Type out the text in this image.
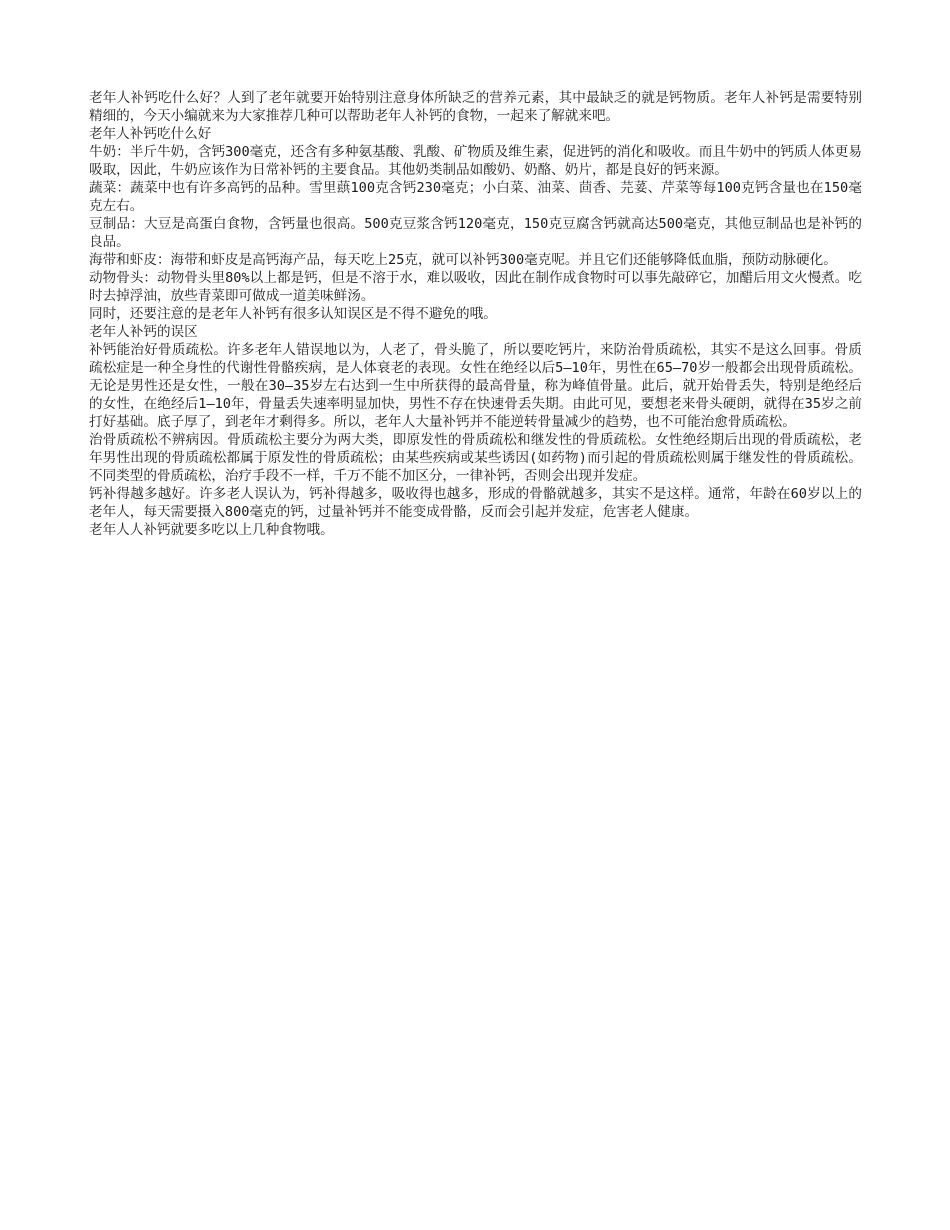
老年人补钙吃什么好？人到了老年就要开始特别注意身体所缺乏的营养元素，其中最缺乏的就是钙物质。老年人补钙是需要特别精细的，今天小编就来为大家推荐几种可以帮助老年人补钙的食物，一起来了解就来吧。

老年人补钙吃什么好

牛奶：半斤牛奶，含钙300毫克，还含有多种氨基酸、乳酸、矿物质及维生素，促进钙的消化和吸收。而且牛奶中的钙质人体更易吸取，因此，牛奶应该作为日常补钙的主要食品。其他奶类制品如酸奶、奶酪、奶片，都是良好的钙来源。

蔬菜：蔬菜中也有许多高钙的品种。雪里蕻100克含钙230毫克；小白菜、油菜、茴香、芫荽、芹菜等每100克钙含量也在150毫克左右。

豆制品：大豆是高蛋白食物，含钙量也很高。500克豆浆含钙120毫克，150克豆腐含钙就高达500毫克，其他豆制品也是补钙的良品。

海带和虾皮：海带和虾皮是高钙海产品，每天吃上25克，就可以补钙300毫克呢。并且它们还能够降低血脂，预防动脉硬化。

动物骨头：动物骨头里80%以上都是钙，但是不溶于水，难以吸收，因此在制作成食物时可以事先敲碎它，加醋后用文火慢煮。吃时去掉浮油，放些青菜即可做成一道美味鲜汤。

同时，还要注意的是老年人补钙有很多认知误区是不得不避免的哦。

老年人补钙的误区

补钙能治好骨质疏松。许多老年人错误地以为，人老了，骨头脆了，所以要吃钙片，来防治骨质疏松，其实不是这么回事。骨质疏松症是一种全身性的代谢性骨骼疾病，是人体衰老的表现。女性在绝经以后5—10年，男性在65—70岁一般都会出现骨质疏松。无论是男性还是女性，一般在30—35岁左右达到一生中所获得的最高骨量，称为峰值骨量。此后，就开始骨丢失，特别是绝经后的女性，在绝经后1—10年，骨量丢失速率明显加快，男性不存在快速骨丢失期。由此可见，要想老来骨头硬朗，就得在35岁之前打好基础。底子厚了，到老年才剩得多。所以，老年人大量补钙并不能逆转骨量减少的趋势，也不可能治愈骨质疏松。

治骨质疏松不辨病因。骨质疏松主要分为两大类，即原发性的骨质疏松和继发性的骨质疏松。女性绝经期后出现的骨质疏松，老年男性出现的骨质疏松都属于原发性的骨质疏松；由某些疾病或某些诱因(如药物)而引起的骨质疏松则属于继发性的骨质疏松。不同类型的骨质疏松，治疗手段不一样，千万不能不加区分，一律补钙，否则会出现并发症。

钙补得越多越好。许多老人误认为，钙补得越多，吸收得也越多，形成的骨骼就越多，其实不是这样。通常，年龄在60岁以上的老年人，每天需要摄入800毫克的钙，过量补钙并不能变成骨骼，反而会引起并发症，危害老人健康。

老年人人补钙就要多吃以上几种食物哦。
